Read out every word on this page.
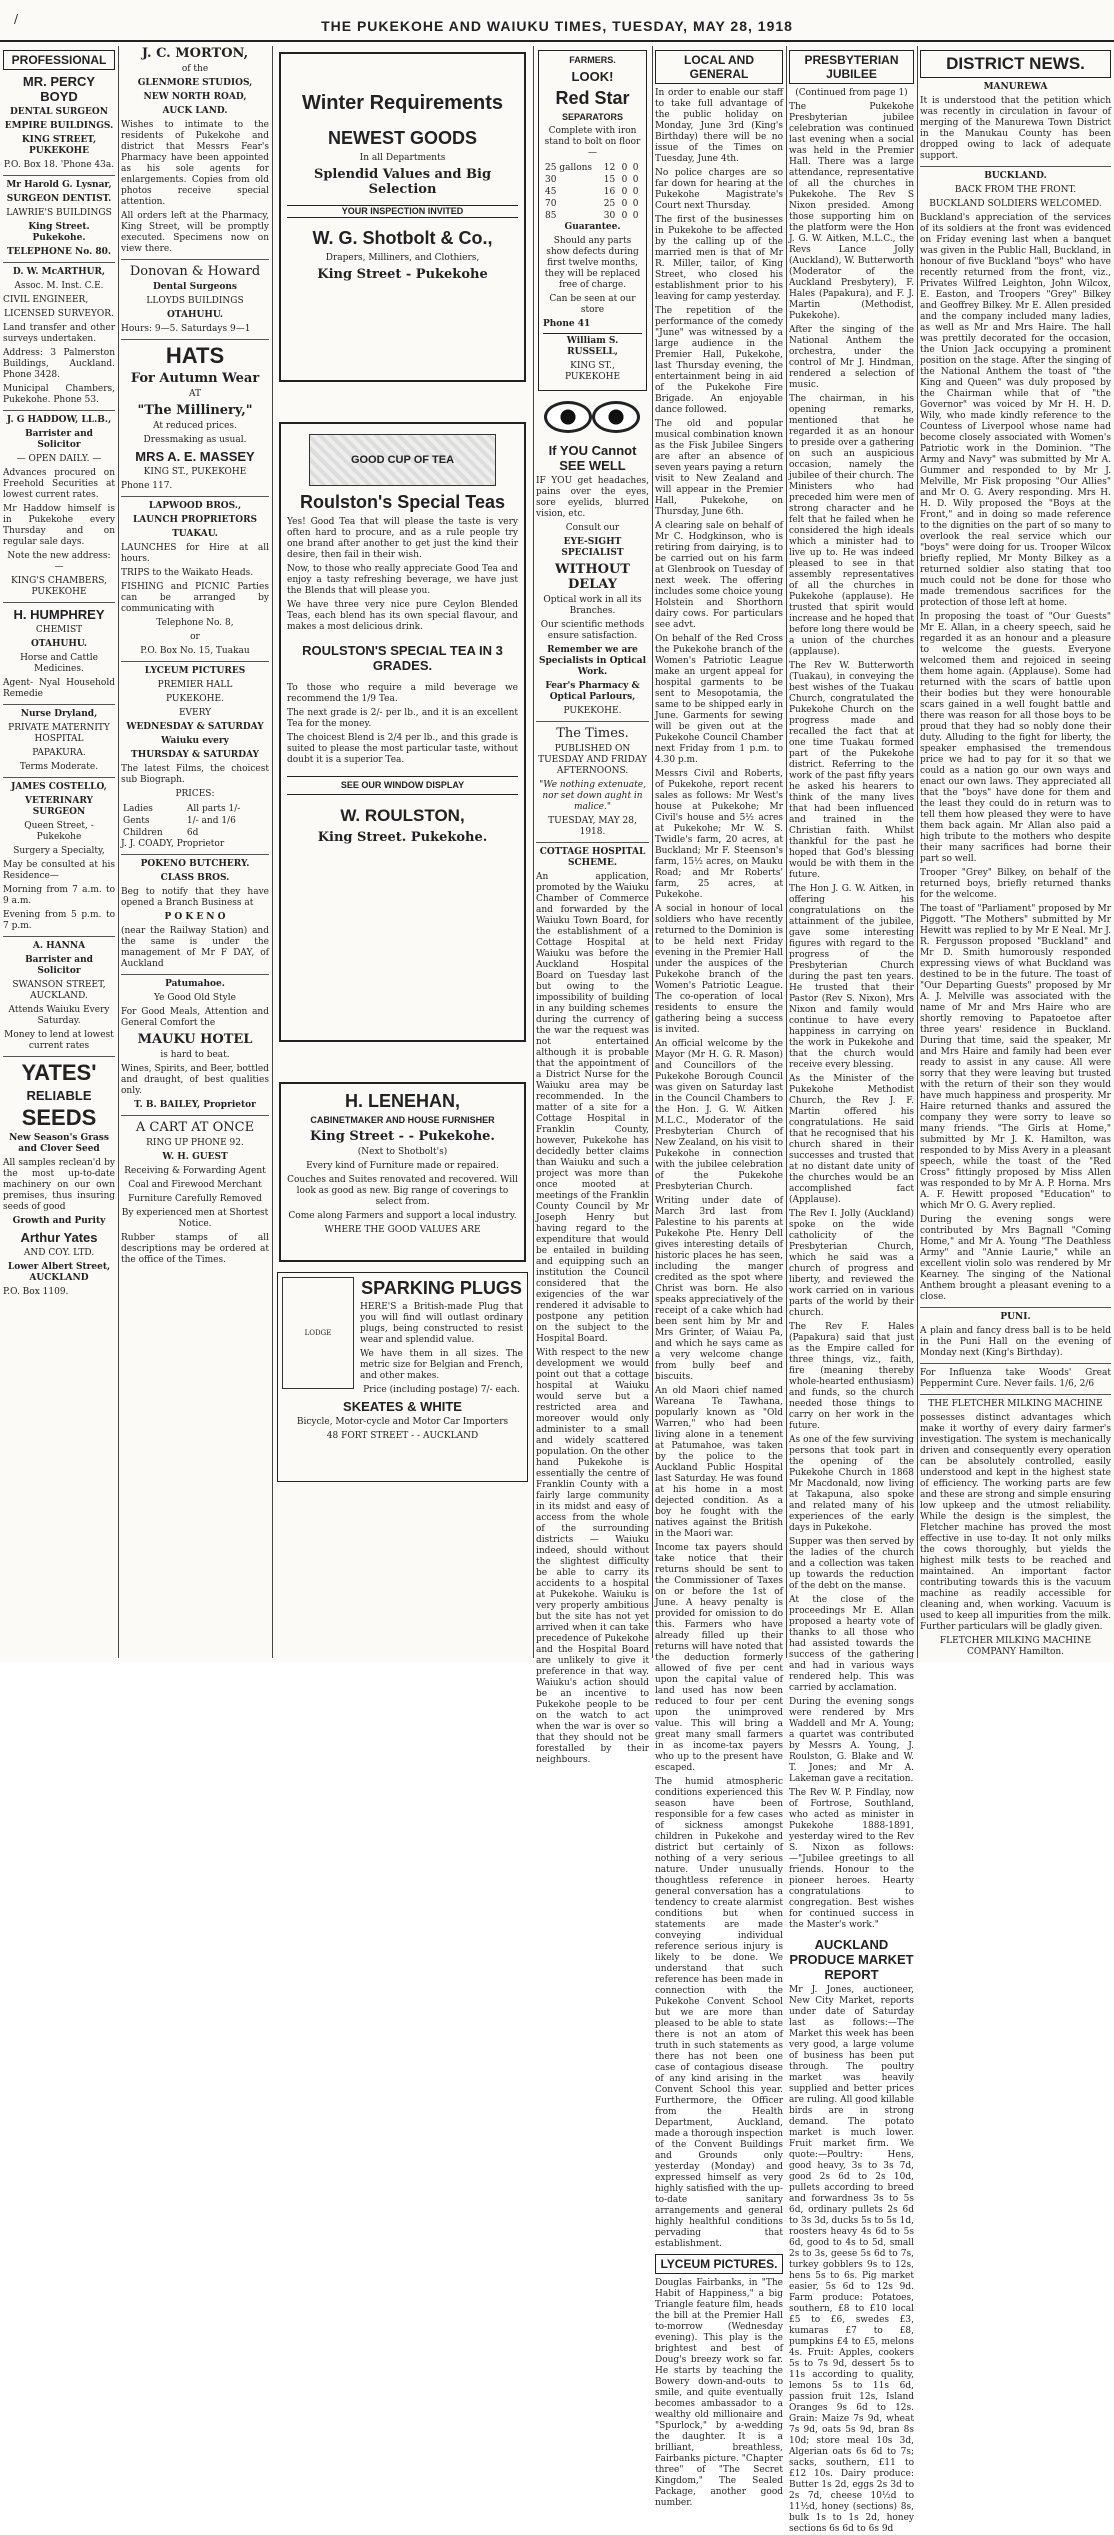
/	THE PUKEKOHE AND WAIUKU TIMES, TUESDAY, MAY 28, 1918
PROFESSIONAL
MR. PERCY BOYD
DENTAL SURGEON
EMPIRE BUILDINGS.
KING STREET, PUKEKOHE
P.O. Box 18. 'Phone 43a.
Mr Harold G. Lysnar,
SURGEON DENTIST.
LAWRIE'S BUILDINGS
King Street. Pukekohe.
TELEPHONE No. 80.
D. W. McARTHUR,
Assoc. M. Inst. C.E.
CIVIL ENGINEER,
LICENSED SURVEYOR.
Land transfer and other surveys undertaken.
Address: 3 Palmerston Buildings, Auckland. Phone 3428.
Municipal Chambers, Pukekohe. Phone 53.
J. G HADDOW, LL.B.,
Barrister and Solicitor
— OPEN DAILY. —
Advances procured on Freehold Securities at lowest current rates.
Mr Haddow himself is in Pukekohe every Thursday and on regular sale days.
Note the new address:—
KING'S CHAMBERS, PUKEKOHE
H. HUMPHREY
CHEMIST
OTAHUHU.
Horse and Cattle Medicines.
Agent- Nyal Household Remedie
Nurse Dryland,
PRIVATE MATERNITY HOSPITAL
PAPAKURA.
Terms Moderate.
JAMES COSTELLO,
VETERINARY SURGEON
Queen Street, - Pukekohe
Surgery a Specialty,
May be consulted at his Residence—
Morning from 7 a.m. to 9 a.m.
Evening from 5 p.m. to 7 p.m.
A. HANNA
Barrister and Solicitor
SWANSON STREET, AUCKLAND.
Attends Waiuku Every Saturday.
Money to lend at lowest current rates
YATES'
RELIABLE
SEEDS
New Season's Grass and Clover Seed
All samples reclean'd by the most up-to-date machinery on our own premises, thus insuring seeds of good
Growth and Purity
Arthur Yates
AND COY. LTD.
Lower Albert Street, AUCKLAND
P.O. Box 1109.
J. C. MORTON,
of the
GLENMORE STUDIOS,
NEW NORTH ROAD,
AUCK LAND.
Wishes to intimate to the residents of Pukekohe and district that Messrs Fear's Pharmacy have been appointed as his sole agents for enlargements. Copies from old photos receive special attention.
All orders left at the Pharmacy, King Street, will be promptly executed. Specimens now on view there.
Donovan & Howard
Dental Surgeons
LLOYDS BUILDINGS
OTAHUHU.
Hours: 9—5. Saturdays 9—1
HATS
For Autumn Wear
AT
"The Millinery,"
At reduced prices.
Dressmaking as usual.
MRS A. E. MASSEY
KING ST., PUKEKOHE
Phone 117.
LAPWOOD BROS.,
LAUNCH PROPRIETORS
TUAKAU.
LAUNCHES for Hire at all hours.
TRIPS to the Waikato Heads.
FISHING and PICNIC Parties can be arranged by communicating with
Telephone No. 8,
or
P.O. Box No. 15, Tuakau
LYCEUM PICTURES
PREMIER HALL
PUKEKOHE.
EVERY
WEDNESDAY & SATURDAY
Waiuku every
THURSDAY & SATURDAY
The latest Films, the choicest sub Biograph.
PRICES:
Ladies	All parts 1/-
Gents	1/- and 1/6
Children	6d
J. J. COADY, Proprietor
POKENO BUTCHERY.
CLASS BROS.
Beg to notify that they have opened a Branch Business at
P O K E N O
(near the Railway Station) and the same is under the management of Mr F DAY, of Auckland
Patumahoe.
Ye Good Old Style
For Good Meals, Attention and General Comfort the
MAUKU HOTEL
is hard to beat.
Wines, Spirits, and Beer, bottled and draught, of best qualities only.
T. B. BAILEY, Proprietor
A CART AT ONCE
RING UP PHONE 92.
W. H. GUEST
Receiving & Forwarding Agent
Coal and Firewood Merchant
Furniture Carefully Removed
By experienced men at Shortest Notice.
Rubber stamps of all descriptions may be ordered at the office of the Times.
Winter Requirements
NEWEST GOODS
In all Departments
Splendid Values and Big Selection
YOUR INSPECTION INVITED
W. G. Shotbolt & Co.,
Drapers, Milliners, and Clothiers,
King Street - Pukekohe
GOOD CUP OF TEA
Roulston's Special Teas
Yes! Good Tea that will please the taste is very often hard to procure, and as a rule people try one brand after another to get just the kind their desire, then fail in their wish.
Now, to those who really appreciate Good Tea and enjoy a tasty refreshing beverage, we have just the Blends that will please you.
We have three very nice pure Ceylon Blended Teas, each blend has its own special flavour, and makes a most delicious drink.
ROULSTON'S SPECIAL TEA IN 3 GRADES.
To those who require a mild beverage we recommend the 1/9 Tea.
The next grade is 2/- per lb., and it is an excellent Tea for the money.
The choicest Blend is 2/4 per lb., and this grade is suited to please the most particular taste, without doubt it is a superior Tea.
SEE OUR WINDOW DISPLAY
W. ROULSTON,
King Street. Pukekohe.
H. LENEHAN,
CABINETMAKER AND HOUSE FURNISHER
King Street - - Pukekohe.
(Next to Shotbolt's)
Every kind of Furniture made or repaired.
Couches and Suites renovated and recovered. Will look as good as new. Big range of coverings to select from.
Come along Farmers and support a local industry.
WHERE THE GOOD VALUES ARE
LODGE
SPARKING PLUGS
HERE'S a British-made Plug that you will find will outlast ordinary plugs, being constructed to resist wear and splendid value.
We have them in all sizes. The metric size for Belgian and French, and other makes.
Price (including postage) 7/- each.
SKEATES & WHITE
Bicycle, Motor-cycle and Motor Car Importers
48 FORT STREET - - AUCKLAND
FARMERS.
LOOK!
Red Star
SEPARATORS
Complete with iron stand to bolt on floor —
25 gallons	12	0	0
30	15	0	0
45	16	0	0
70	25	0	0
85	30	0	0
Guarantee.
Should any parts show defects during first twelve months, they will be replaced free of charge.
Can be seen at our store
Phone 41
William S. RUSSELL,
KING ST., PUKEKOHE
If YOU Cannot SEE WELL
IF YOU get headaches, pains over the eyes, sore eyelids, blurred vision, etc.
Consult our
EYE-SIGHT SPECIALIST
WITHOUT DELAY
Optical work in all its Branches.
Our scientific methods ensure satisfaction.
Remember we are Specialists in Optical Work.
Fear's Pharmacy & Optical Parlours,
PUKEKOHE.
The Times.
PUBLISHED ON TUESDAY AND FRIDAY AFTERNOONS.
"We nothing extenuate, nor set down aught in malice."
TUESDAY, MAY 28, 1918.
COTTAGE HOSPITAL SCHEME.
An application, promoted by the Waiuku Chamber of Commerce and forwarded by the Waiuku Town Board, for the establishment of a Cottage Hospital at Waiuku was before the Auckland Hospital Board on Tuesday last but owing to the impossibility of building in any building schemes during the currency of the war the request was not entertained although it is probable that the appointment of a District Nurse for the Waiuku area may be recommended. In the matter of a site for a Cottage Hospital in Franklin County, however, Pukekohe has decidedly better claims than Waiuku and such a project was more than once mooted at meetings of the Franklin County Council by Mr Joseph Henry but having regard to the expenditure that would be entailed in building and equipping such an institution the Council considered that the exigencies of the war rendered it advisable to postpone any petition on the subject to the Hospital Board.
With respect to the new development we would point out that a cottage hospital at Waiuku would serve but a restricted area and moreover would only administer to a small and widely scattered population. On the other hand Pukekohe is essentially the centre of Franklin County with a fairly large community in its midst and easy of access from the whole of the surrounding districts — Waiuku indeed, should without the slightest difficulty be able to carry its accidents to a hospital at Pukekohe. Waiuku is very properly ambitious but the site has not yet arrived when it can take precedence of Pukekohe and the Hospital Board are unlikely to give it preference in that way. Waiuku's action should be an incentive to Pukekohe people to be on the watch to act when the war is over so that they should not be forestalled by their neighbours.
LOCAL AND GENERAL
In order to enable our staff to take full advantage of the public holiday on Monday, June 3rd (King's Birthday) there will be no issue of the Times on Tuesday, June 4th.
No police charges are so far down for hearing at the Pukekohe Magistrate's Court next Thursday.
The first of the businesses in Pukekohe to be affected by the calling up of the married men is that of Mr R. Miller, tailor, of King Street, who closed his establishment prior to his leaving for camp yesterday.
The repetition of the performance of the comedy "June" was witnessed by a large audience in the Premier Hall, Pukekohe, last Thursday evening, the entertainment being in aid of the Pukekohe Fire Brigade. An enjoyable dance followed.
The old and popular musical combination known as the Fisk Jubilee Singers are after an absence of seven years paying a return visit to New Zealand and will appear in the Premier Hall, Pukekohe, on Thursday, June 6th.
A clearing sale on behalf of Mr C. Hodgkinson, who is retiring from dairying, is to be carried out on his farm at Glenbrook on Tuesday of next week. The offering includes some choice young Holstein and Shorthorn dairy cows. For particulars see advt.
On behalf of the Red Cross the Pukekohe branch of the Women's Patriotic League make an urgent appeal for hospital garments to be sent to Mesopotamia, the same to be shipped early in June. Garments for sewing will be given out at the Pukekohe Council Chamber next Friday from 1 p.m. to 4.30 p.m.
Messrs Civil and Roberts, of Pukekohe, report recent sales as follows: Mr West's house at Pukekohe; Mr Civil's house and 5½ acres at Pukekohe; Mr W. S. Twidle's farm, 20 acres, at Buckland; Mr F. Steenson's farm, 15½ acres, on Mauku Road; and Mr Roberts' farm, 25 acres, at Pukekohe.
A social in honour of local soldiers who have recently returned to the Dominion is to be held next Friday evening in the Premier Hall under the auspices of the Pukekohe branch of the Women's Patriotic League. The co-operation of local residents to ensure the gathering being a success is invited.
An official welcome by the Mayor (Mr H. G. R. Mason) and Councillors of the Pukekohe Borough Council was given on Saturday last in the Council Chambers to the Hon. J. G. W. Aitken M.L.C., Moderator of the Presbyterian Church of New Zealand, on his visit to Pukekohe in connection with the jubilee celebration of the Pukekohe Presbyterian Church.
Writing under date of March 3rd last from Palestine to his parents at Pukekohe Pte. Henry Dell gives interesting details of historic places he has seen, including the manger credited as the spot where Christ was born. He also speaks appreciatively of the receipt of a cake which had been sent him by Mr and Mrs Grinter, of Waiau Pa, and which he says came as a very welcome change from bully beef and biscuits.
An old Maori chief named Wareana Te Tawhana, popularly known as "Old Warren," who had been living alone in a tenement at Patumahoe, was taken by the police to the Auckland Public Hospital last Saturday. He was found at his home in a most dejected condition. As a boy he fought with the natives against the British in the Maori war.
Income tax payers should take notice that their returns should be sent to the Commissioner of Taxes on or before the 1st of June. A heavy penalty is provided for omission to do this. Farmers who have already filled up their returns will have noted that the deduction formerly allowed of five per cent upon the capital value of land used has now been reduced to four per cent upon the unimproved value. This will bring a great many small farmers in as income-tax payers who up to the present have escaped.
The humid atmospheric conditions experienced this season have been responsible for a few cases of sickness amongst children in Pukekohe and district but certainly of nothing of a very serious nature. Under unusually thoughtless reference in general conversation has a tendency to create alarmist conditions but when statements are made conveying individual reference serious injury is likely to be done. We understand that such reference has been made in connection with the Pukekohe Convent School but we are more than pleased to be able to state there is not an atom of truth in such statements as there has not been one case of contagious disease of any kind arising in the Convent School this year. Furthermore, the Officer from the Health Department, Auckland, made a thorough inspection of the Convent Buildings and Grounds only yesterday (Monday) and expressed himself as very highly satisfied with the up-to-date sanitary arrangements and general highly healthful conditions pervading that establishment.
LYCEUM PICTURES.
Douglas Fairbanks, in "The Habit of Happiness," a big Triangle feature film, heads the bill at the Premier Hall to-morrow (Wednesday evening). This play is the brightest and best of Doug's breezy work so far. He starts by teaching the Bowery down-and-outs to smile, and quite eventually becomes ambassador to a wealthy old millionaire and "Spurlock," by a-wedding the daughter. It is a brilliant, breathless, Fairbanks picture. "Chapter three" of "The Secret Kingdom," The Sealed Package, another good number.
PRESBYTERIAN JUBILEE
(Continued from page 1)
The Pukekohe Presbyterian jubilee celebration was continued last evening when a social was held in the Premier Hall. There was a large attendance, representative of all the churches in Pukekohe. The Rev S Nixon presided. Among those supporting him on the platform were the Hon J. G. W. Aitken, M.L.C., the Revs Lance Jolly (Auckland), W. Butterworth (Moderator of the Auckland Presbytery), F. Hales (Papakura), and F. J. Martin (Methodist, Pukekohe).
After the singing of the National Anthem the orchestra, under the control of Mr J. Hindman, rendered a selection of music.
The chairman, in his opening remarks, mentioned that he regarded it as an honour to preside over a gathering on such an auspicious occasion, namely the jubilee of their church. The Ministers who had preceded him were men of strong character and he felt that he failed when he considered the high ideals which a minister had to live up to. He was indeed pleased to see in that assembly representatives of all the churches in Pukekohe (applause). He trusted that spirit would increase and he hoped that before long there would be a union of the churches (applause).
The Rev W. Butterworth (Tuakau), in conveying the best wishes of the Tuakau Church, congratulated the Pukekohe Church on the progress made and recalled the fact that at one time Tuakau formed part of the Pukekohe district. Referring to the work of the past fifty years he asked his hearers to think of the many lives that had been influenced and trained in the Christian faith. Whilst thankful for the past he hoped that God's blessing would be with them in the future.
The Hon J. G. W. Aitken, in offering his congratulations on the attainment of the jubilee, gave some interesting figures with regard to the progress of the Presbyterian Church during the past ten years. He trusted that their Pastor (Rev S. Nixon), Mrs Nixon and family would continue to have every happiness in carrying on the work in Pukekohe and that the church would receive every blessing.
As the Minister of the Pukekohe Methodist Church, the Rev J. F. Martin offered his congratulations. He said that he recognised that his church shared in their successes and trusted that at no distant date unity of the churches would be an accomplished fact (Applause).
The Rev I. Jolly (Auckland) spoke on the wide catholicity of the Presbyterian Church, which he said was a church of progress and liberty, and reviewed the work carried on in various parts of the world by their church.
The Rev F. Hales (Papakura) said that just as the Empire called for three things, viz., faith, fire (meaning thereby whole-hearted enthusiasm) and funds, so the church needed those things to carry on her work in the future.
As one of the few surviving persons that took part in the opening of the Pukekohe Church in 1868 Mr Macdonald, now living at Takapuna, also spoke and related many of his experiences of the early days in Pukekohe.
Supper was then served by the ladies of the church and a collection was taken up towards the reduction of the debt on the manse.
At the close of the proceedings Mr E. Allan proposed a hearty vote of thanks to all those who had assisted towards the success of the gathering and had in various ways rendered help. This was carried by acclamation.
During the evening songs were rendered by Mrs Waddell and Mr A. Young; a quartet was contributed by Messrs A. Young, J. Roulston, G. Blake and W. T. Jones; and Mr A. Lakeman gave a recitation.
The Rev W. P. Findlay, now of Fortrose, Southland, who acted as minister in Pukekohe 1888-1891, yesterday wired to the Rev S. Nixon as follows:—"Jubilee greetings to all friends. Honour to the pioneer heroes. Hearty congratulations to congregation. Best wishes for continued success in the Master's work."
AUCKLAND PRODUCE MARKET REPORT
Mr J. Jones, auctioneer, New City Market, reports under date of Saturday last as follows:—The Market this week has been very good, a large volume of business has been put through. The poultry market was heavily supplied and better prices are ruling. All good killable birds are in strong demand. The potato market is much lower. Fruit market firm. We quote:—Poultry: Hens, good heavy, 3s to 3s 7d, good 2s 6d to 2s 10d, pullets according to breed and forwardness 3s to 5s 6d, ordinary pullets 2s 6d to 3s 3d, ducks 5s to 5s 1d, roosters heavy 4s 6d to 5s 6d, good to 4s to 5d, small 2s to 3s, geese 5s 6d to 7s, turkey gobblers 9s to 12s, hens 5s to 6s. Pig market easier, 5s 6d to 12s 9d. Farm produce: Potatoes, southern, £8 to £10 local £5 to £6, swedes £3, kumaras £7 to £8, pumpkins £4 to £5, melons 4s. Fruit: Apples, cookers 5s to 7s 9d, dessert 5s to 11s according to quality, lemons 5s to 11s 6d, passion fruit 12s, Island Oranges 9s 6d to 12s. Grain: Maize 7s 9d, wheat 7s 9d, oats 5s 9d, bran 8s 10d; store meal 10s 3d, Algerian oats 6s 6d to 7s; sacks, southern, £11 to £12 10s. Dairy produce: Butter 1s 2d, eggs 2s 3d to 2s 7d, cheese 10½d to 11½d, honey (sections) 8s, bulk 1s to 1s 2d, honey sections 6s 6d to 6s 9d
DISTRICT NEWS.
MANUREWA
It is understood that the petition which was recently in circulation in favour of merging of the Manurewa Town District in the Manukau County has been dropped owing to lack of adequate support.
BUCKLAND.
BACK FROM THE FRONT.
BUCKLAND SOLDIERS WELCOMED.
Buckland's appreciation of the services of its soldiers at the front was evidenced on Friday evening last when a banquet was given in the Public Hall, Buckland, in honour of five Buckland "boys" who have recently returned from the front, viz., Privates Wilfred Leighton, John Wilcox, E. Easton, and Troopers "Grey" Bilkey and Geoffrey Bilkey. Mr E. Allen presided and the company included many ladies, as well as Mr and Mrs Haire. The hall was prettily decorated for the occasion, the Union Jack occupying a prominent position on the stage. After the singing of the National Anthem the toast of "the King and Queen" was duly proposed by the Chairman while that of "the Governor" was voiced by Mr H. H. D. Wily, who made kindly reference to the Countess of Liverpool whose name had become closely associated with Women's Patriotic work in the Dominion. "The Army and Navy" was submitted by Mr A. Gummer and responded to by Mr J. Melville, Mr Fisk proposing "Our Allies" and Mr O. G. Avery responding. Mrs H. H. D. Wily proposed the "Boys at the Front," and in doing so made reference to the dignities on the part of so many to overlook the real service which our "boys" were doing for us. Trooper Wilcox briefly replied, Mr Monty Bilkey as a returned soldier also stating that too much could not be done for those who made tremendous sacrifices for the protection of those left at home.
In proposing the toast of "Our Guests" Mr E. Allan, in a cheery speech, said he regarded it as an honour and a pleasure to welcome the guests. Everyone welcomed them and rejoiced in seeing them home again. (Applause). Some had returned with the scars of battle upon their bodies but they were honourable scars gained in a well fought battle and there was reason for all those boys to be proud that they had so nobly done their duty. Alluding to the fight for liberty, the speaker emphasised the tremendous price we had to pay for it so that we could as a nation go our own ways and enact our own laws. They appreciated all that the "boys" have done for them and the least they could do in return was to tell them how pleased they were to have them back again. Mr Allan also paid a high tribute to the mothers who despite their many sacrifices had borne their part so well.
Trooper "Grey" Bilkey, on behalf of the returned boys, briefly returned thanks for the welcome.
The toast of "Parliament" proposed by Mr Piggott. "The Mothers" submitted by Mr Hewitt was replied to by Mr E Neal. Mr J. R. Fergusson proposed "Buckland" and Mr D. Smith humorously responded expressing views of what Buckland was destined to be in the future. The toast of "Our Departing Guests" proposed by Mr A. J. Melville was associated with the name of Mr and Mrs Haire who are shortly removing to Papatoetoe after three years' residence in Buckland. During that time, said the speaker, Mr and Mrs Haire and family had been ever ready to assist in any cause. All were sorry that they were leaving but trusted with the return of their son they would have much happiness and prosperity. Mr Haire returned thanks and assured the company they were sorry to leave so many friends. "The Girls at Home," submitted by Mr J. K. Hamilton, was responded to by Miss Avery in a pleasant speech, while the toast of the "Red Cross" fittingly proposed by Miss Allen was responded to by Mr A. P. Horna. Mrs A. F. Hewitt proposed "Education" to which Mr O. G. Avery replied.
During the evening songs were contributed by Mrs Bagnall "Coming Home," and Mr A. Young "The Deathless Army" and "Annie Laurie," while an excellent violin solo was rendered by Mr Kearney. The singing of the National Anthem brought a pleasant evening to a close.
PUNI.
A plain and fancy dress ball is to be held in the Puni Hall on the evening of Monday next (King's Birthday).
For Influenza take Woods' Great Peppermint Cure. Never fails. 1/6, 2/6
THE FLETCHER MILKING MACHINE
possesses distinct advantages which make it worthy of every dairy farmer's investigation. The system is mechanically driven and consequently every operation can be absolutely controlled, easily understood and kept in the highest state of efficiency. The working parts are few and these are strong and simple ensuring low upkeep and the utmost reliability. While the design is the simplest, the Fletcher machine has proved the most effective in use to-day. It not only milks the cows thoroughly, but yields the highest milk tests to be reached and maintained. An important factor contributing towards this is the vacuum machine as readily accessible for cleaning and, when working. Vacuum is used to keep all impurities from the milk. Further particulars will be gladly given.
FLETCHER MILKING MACHINE COMPANY Hamilton.
